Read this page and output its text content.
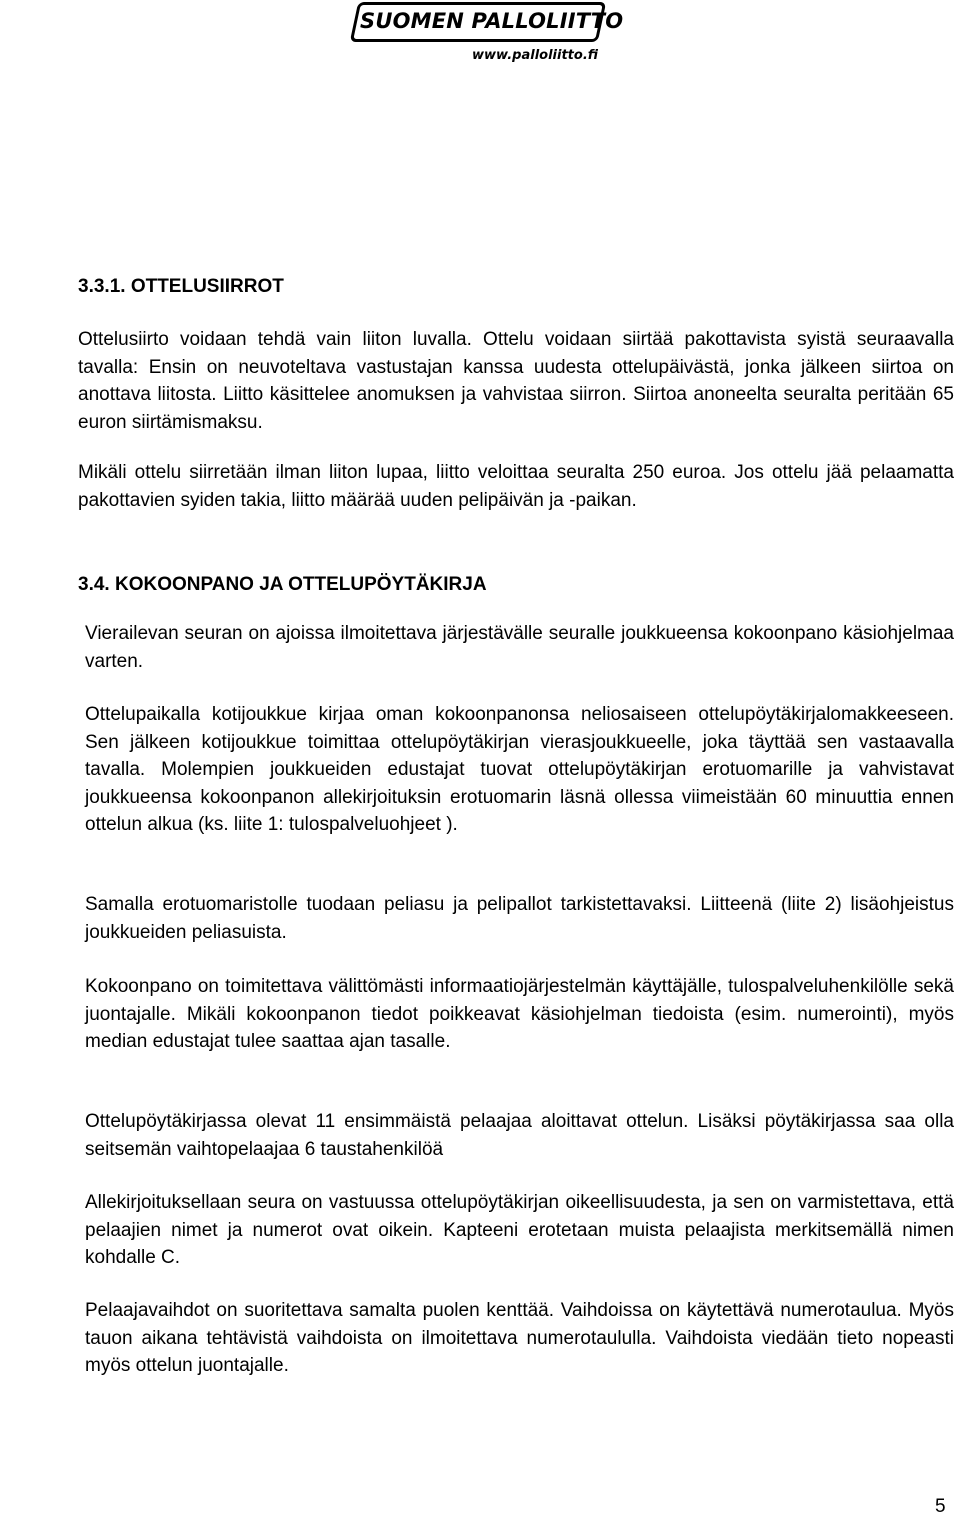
SUOMEN PALLOLIITTO
www.palloliitto.fi
3.3.1. OTTELUSIIRROT

Ottelusiirto voidaan tehdä vain liiton luvalla. Ottelu voidaan siirtää pakottavista syistä seuraavalla tavalla: Ensin on neuvoteltava vastustajan kanssa uudesta ottelupäivästä, jonka jälkeen siirtoa on anottava liitosta. Liitto käsittelee anomuksen ja vahvistaa siirron. Siirtoa anoneelta seuralta peritään 65 euron siirtämismaksu.

Mikäli ottelu siirretään ilman liiton lupaa, liitto veloittaa seuralta 250 euroa. Jos ottelu jää pelaamatta pakottavien syiden takia, liitto määrää uuden pelipäivän ja -paikan.

3.4. KOKOONPANO JA OTTELUPÖYTÄKIRJA

Vierailevan seuran on ajoissa ilmoitettava järjestävälle seuralle joukkueensa kokoonpano käsiohjelmaa varten.

Ottelupaikalla kotijoukkue kirjaa oman kokoonpanonsa neliosaiseen ottelupöytäkirjalomakkeeseen. Sen jälkeen kotijoukkue toimittaa ottelupöytäkirjan vierasjoukkueelle, joka täyttää sen vastaavalla tavalla. Molempien joukkueiden edustajat tuovat ottelupöytäkirjan erotuomarille ja vahvistavat joukkueensa kokoonpanon allekirjoituksin erotuomarin läsnä ollessa viimeistään 60 minuuttia ennen ottelun alkua (ks. liite 1: tulospalveluohjeet ).

Samalla erotuomaristolle tuodaan peliasu ja pelipallot tarkistettavaksi. Liitteenä (liite 2) lisäohjeistus joukkueiden peliasuista.

Kokoonpano on toimitettava välittömästi informaatiojärjestelmän käyttäjälle, tulospalveluhenkilölle sekä juontajalle. Mikäli kokoonpanon tiedot poikkeavat käsiohjelman tiedoista (esim. numerointi), myös median edustajat tulee saattaa ajan tasalle.

Ottelupöytäkirjassa olevat 11 ensimmäistä pelaajaa aloittavat ottelun. Lisäksi pöytäkirjassa saa olla seitsemän vaihtopelaajaa 6 taustahenkilöä

Allekirjoituksellaan seura on vastuussa ottelupöytäkirjan oikeellisuudesta, ja sen on varmistettava, että pelaajien nimet ja numerot ovat oikein. Kapteeni erotetaan muista pelaajista merkitsemällä nimen kohdalle C.

Pelaajavaihdot on suoritettava samalta puolen kenttää. Vaihdoissa on käytettävä numerotaulua. Myös tauon aikana tehtävistä vaihdoista on ilmoitettava numerotaululla. Vaihdoista viedään tieto nopeasti myös ottelun juontajalle.

5
